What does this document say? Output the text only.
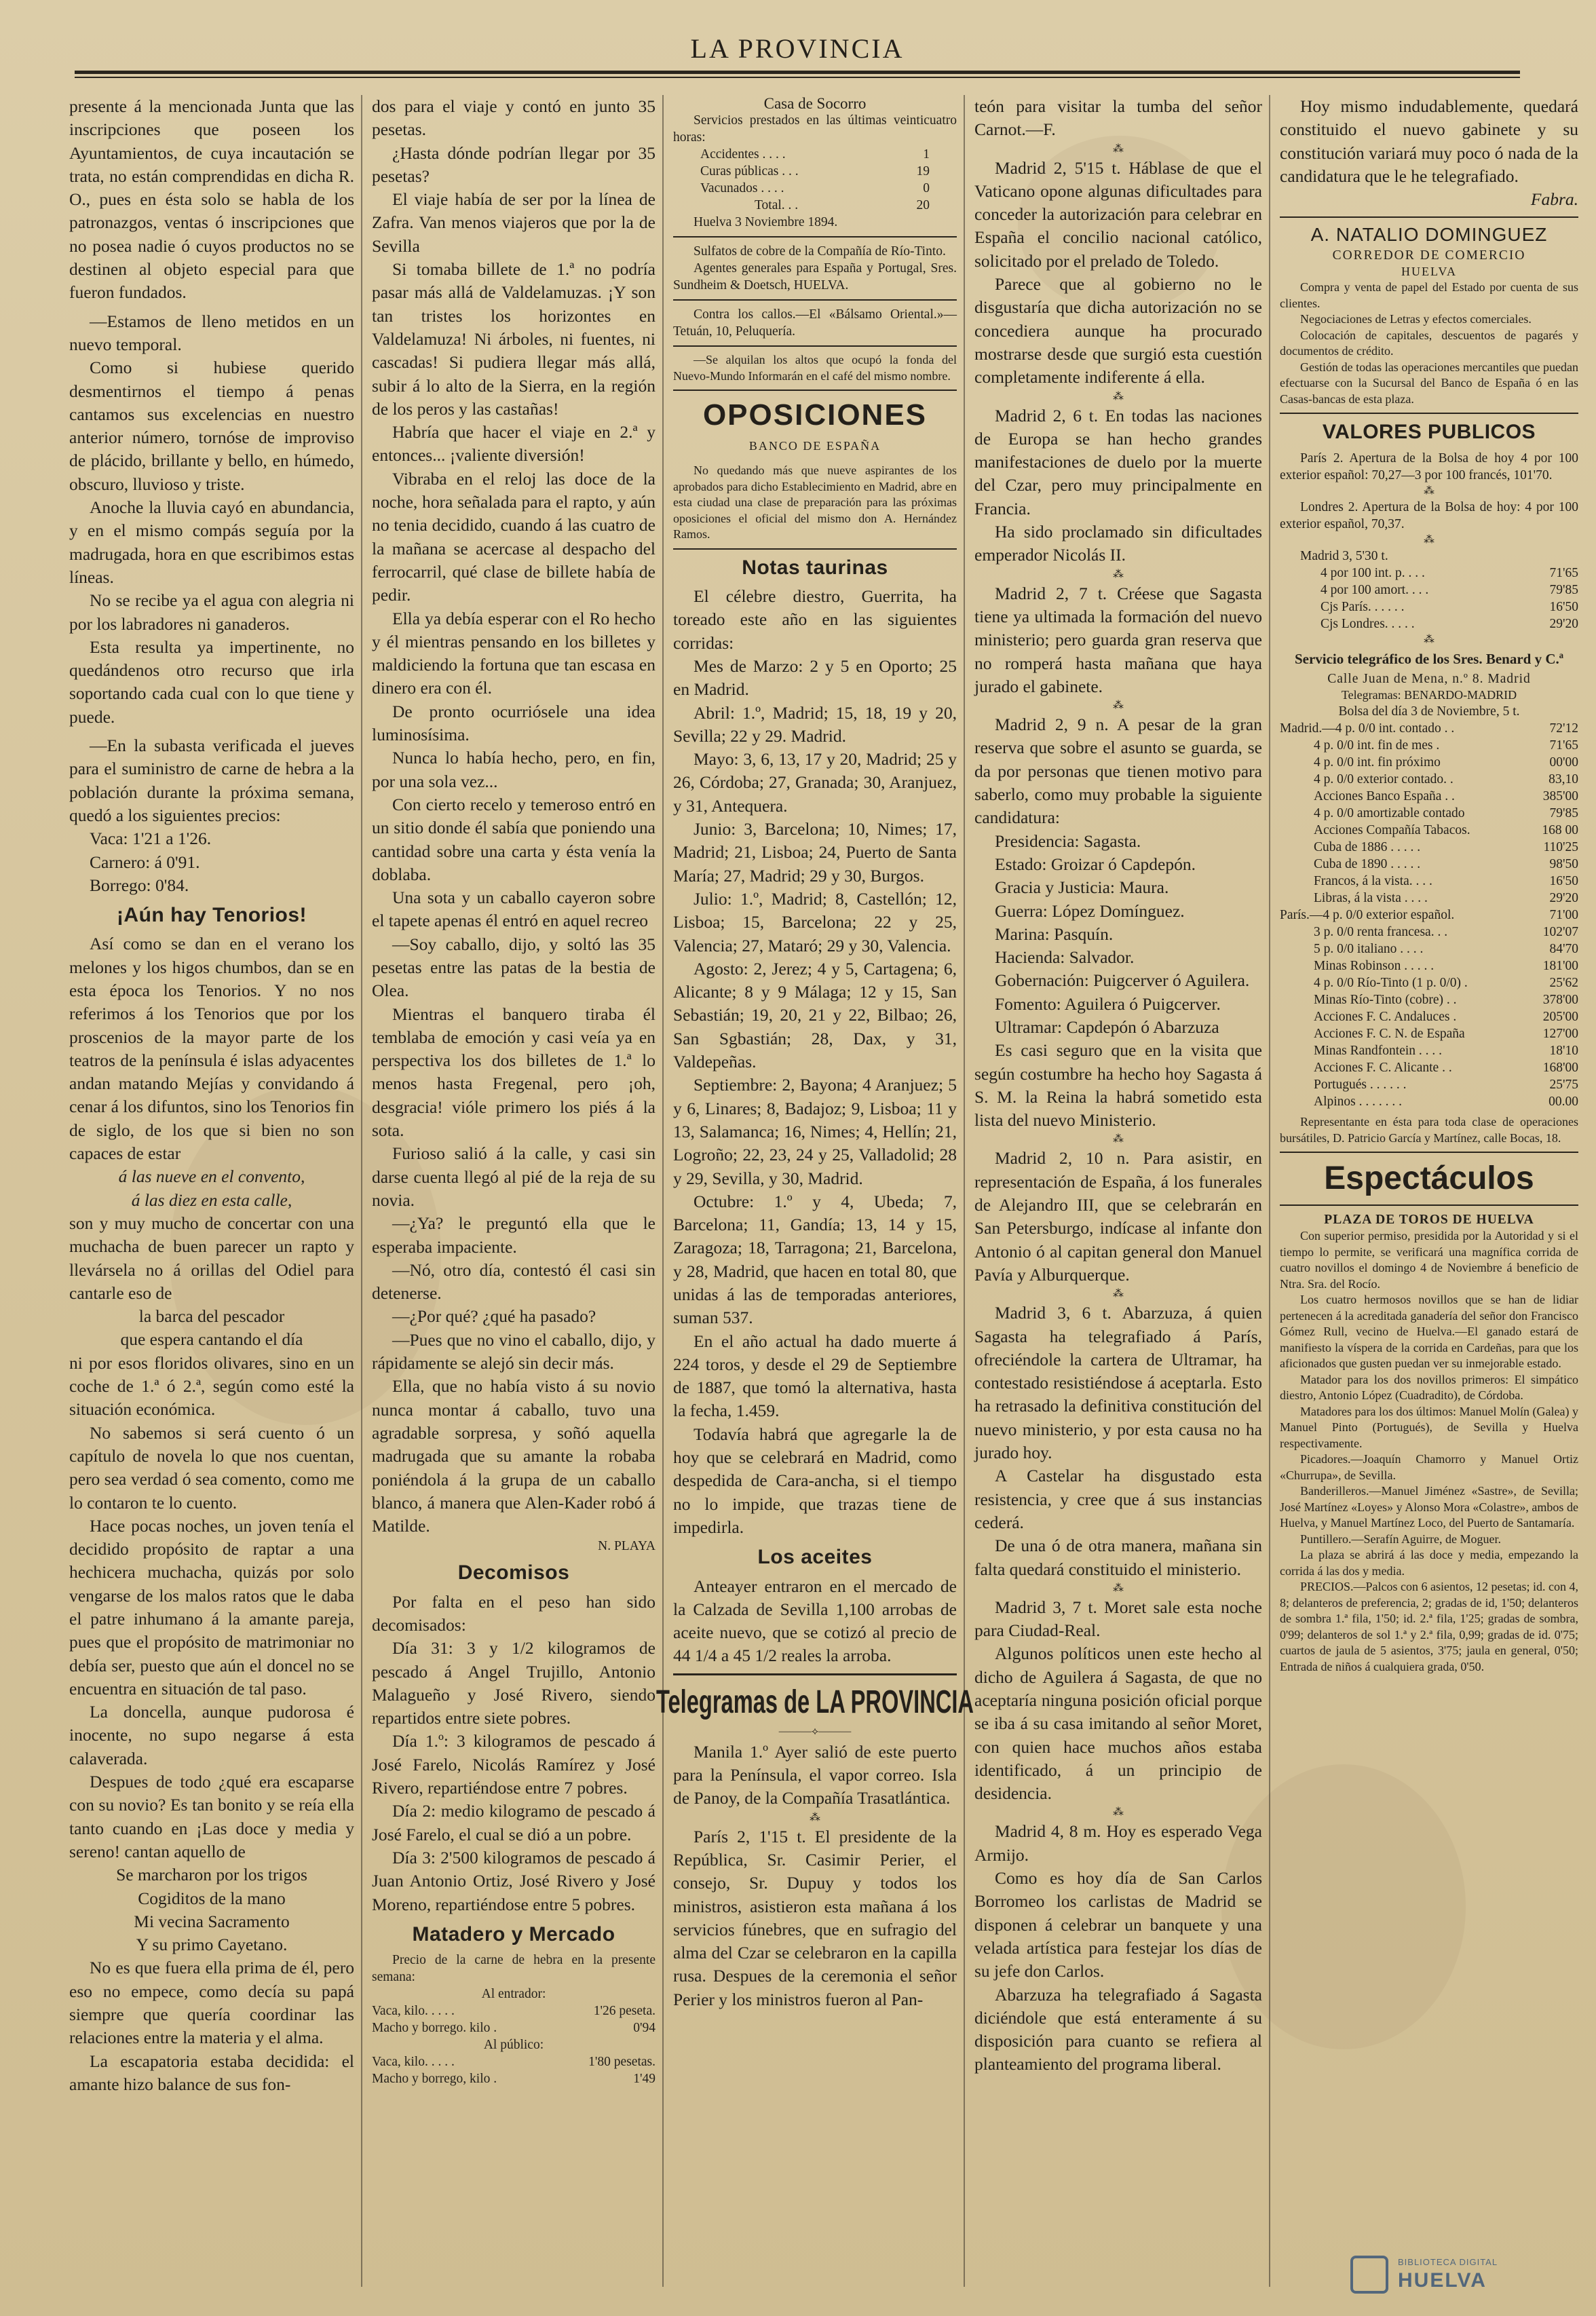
LA PROVINCIA

presente á la mencionada Junta que las inscripciones que poseen los Ayuntamientos, de cuya incautación se trata, no están comprendidas en dicha R. O., pues en ésta solo se habla de los patronazgos, ventas ó inscripciones que no posea nadie ó cuyos productos no se destinen al objeto especial para que fueron fundados.

—Estamos de lleno metidos en un nuevo temporal.

Como si hubiese querido desmentirnos el tiempo á penas cantamos sus excelencias en nuestro anterior número, tornóse de improviso de plácido, brillante y bello, en húmedo, obscuro, lluvioso y triste.

Anoche la lluvia cayó en abundancia, y en el mismo compás seguía por la madrugada, hora en que escribimos estas líneas.

No se recibe ya el agua con alegria ni por los labradores ni ganaderos.

Esta resulta ya impertinente, no quedándenos otro recurso que irla soportando cada cual con lo que tiene y puede.

—En la subasta verificada el jueves para el suministro de carne de hebra a la población durante la próxima semana, quedó a los siguientes precios:

Vaca: 1'21 a 1'26.

Carnero: á 0'91.

Borrego: 0'84.

¡Aún hay Tenorios!

Así como se dan en el verano los melones y los higos chumbos, dan se en esta época los Tenorios. Y no nos referimos á los Tenorios que por los proscenios de la mayor parte de los teatros de la península é islas adyacentes andan matando Mejías y convidando á cenar á los difuntos, sino los Tenorios fin de siglo, de los que si bien no son capaces de estar

á las nueve en el convento,

á las diez en esta calle,

son y muy mucho de concertar con una muchacha de buen parecer un rapto y llevársela no á orillas del Odiel para cantarle eso de

la barca del pescador

que espera cantando el día

ni por esos floridos olivares, sino en un coche de 1.ª ó 2.ª, según como esté la situación económica.

No sabemos si será cuento ó un capítulo de novela lo que nos cuentan, pero sea verdad ó sea comento, como me lo contaron te lo cuento.

Hace pocas noches, un joven tenía el decidido propósito de raptar a una hechicera muchacha, quizás por solo vengarse de los malos ratos que le daba el patre inhumano á la amante pareja, pues que el propósito de matrimoniar no debía ser, puesto que aún el doncel no se encuentra en situación de tal paso.

La doncella, aunque pudorosa é inocente, no supo negarse á esta calaverada.

Despues de todo ¿qué era escaparse con su novio? Es tan bonito y se reía ella tanto cuando en ¡Las doce y media y sereno! cantan aquello de

Se marcharon por los trigos

Cogiditos de la mano

Mi vecina Sacramento

Y su primo Cayetano.

No es que fuera ella prima de él, pero eso no empece, como decía su papá siempre que quería coordinar las relaciones entre la materia y el alma.

La escapatoria estaba decidida: el amante hizo balance de sus fon-

dos para el viaje y contó en junto 35 pesetas.

¿Hasta dónde podrían llegar por 35 pesetas?

El viaje había de ser por la línea de Zafra. Van menos viajeros que por la de Sevilla

Si tomaba billete de 1.ª no podría pasar más allá de Valdelamuzas. ¡Y son tan tristes los horizontes en Valdelamuza! Ni árboles, ni fuentes, ni cascadas! Si pudiera llegar más allá, subir á lo alto de la Sierra, en la región de los peros y las castañas!

Habría que hacer el viaje en 2.ª y entonces... ¡valiente diversión!

Vibraba en el reloj las doce de la noche, hora señalada para el rapto, y aún no tenia decidido, cuando á las cuatro de la mañana se acercase al despacho del ferrocarril, qué clase de billete había de pedir.

Ella ya debía esperar con el Ro hecho y él mientras pensando en los billetes y maldiciendo la fortuna que tan escasa en dinero era con él.

De pronto ocurriósele una idea luminosísima.

Nunca lo había hecho, pero, en fin, por una sola vez...

Con cierto recelo y temeroso entró en un sitio donde él sabía que poniendo una cantidad sobre una carta y ésta venía la doblaba.

Una sota y un caballo cayeron sobre el tapete apenas él entró en aquel recreo

—Soy caballo, dijo, y soltó las 35 pesetas entre las patas de la bestia de Olea.

Mientras el banquero tiraba él temblaba de emoción y casi veía ya en perspectiva los dos billetes de 1.ª lo menos hasta Fregenal, pero ¡oh, desgracia! vióle primero los piés á la sota.

Furioso salió á la calle, y casi sin darse cuenta llegó al pié de la reja de su novia.

—¿Ya? le preguntó ella que le esperaba impaciente.

—Nó, otro día, contestó él casi sin detenerse.

—¿Por qué? ¿qué ha pasado?

—Pues que no vino el caballo, dijo, y rápidamente se alejó sin decir más.

Ella, que no había visto á su novio nunca montar á caballo, tuvo una agradable sorpresa, y soñó aquella madrugada que su amante la robaba poniéndola á la grupa de un caballo blanco, á manera que Alen-Kader robó á Matilde.

N. PLAYA

Decomisos

Por falta en el peso han sido decomisados:

Día 31: 3 y 1/2 kilogramos de pescado á Angel Trujillo, Antonio Malagueño y José Rivero, siendo repartidos entre siete pobres.

Día 1.º: 3 kilogramos de pescado á José Farelo, Nicolás Ramírez y José Rivero, repartiéndose entre 7 pobres.

Día 2: medio kilogramo de pescado á José Farelo, el cual se dió a un pobre.

Día 3: 2'500 kilogramos de pescado á Juan Antonio Ortiz, José Rivero y José Moreno, repartiéndose entre 5 pobres.

Matadero y Mercado

Precio de la carne de hebra en la presente semana:

Al entrador:

Vaca, kilo. . . . .	1'26 peseta.
Macho y borrego. kilo .	0'94

Al público:

Vaca, kilo. . . . .	1'80 pesetas.
Macho y borrego, kilo .	1'49

Casa de Socorro

Servicios prestados en las últimas veinticuatro horas:

Accidentes . . . .	1
Curas públicas . . .	19
Vacunados . . . .	0
Total. . .	20

Huelva 3 Noviembre 1894.

Sulfatos de cobre de la Compañía de Río-Tinto.

Agentes generales para España y Portugal, Sres. Sundheim & Doetsch, HUELVA.

Contra los callos.—El «Bálsamo Oriental.»—Tetuán, 10, Peluquería.

—Se alquilan los altos que ocupó la fonda del Nuevo-Mundo Informarán en el café del mismo nombre.

OPOSICIONES
BANCO DE ESPAÑA

No quedando más que nueve aspirantes de los aprobados para dicho Establecimiento en Madrid, abre en esta ciudad una clase de preparación para las próximas oposiciones el oficial del mismo don A. Hernández Ramos.

Notas taurinas

El célebre diestro, Guerrita, ha toreado este año en las siguientes corridas:

Mes de Marzo: 2 y 5 en Oporto; 25 en Madrid.

Abril: 1.º, Madrid; 15, 18, 19 y 20, Sevilla; 22 y 29. Madrid.

Mayo: 3, 6, 13, 17 y 20, Madrid; 25 y 26, Córdoba; 27, Granada; 30, Aranjuez, y 31, Antequera.

Junio: 3, Barcelona; 10, Nimes; 17, Madrid; 21, Lisboa; 24, Puerto de Santa María; 27, Madrid; 29 y 30, Burgos.

Julio: 1.º, Madrid; 8, Castellón; 12, Lisboa; 15, Barcelona; 22 y 25, Valencia; 27, Mataró; 29 y 30, Valencia.

Agosto: 2, Jerez; 4 y 5, Cartagena; 6, Alicante; 8 y 9 Málaga; 12 y 15, San Sebastián; 19, 20, 21 y 22, Bilbao; 26, San Sgbastián; 28, Dax, y 31, Valdepeñas.

Septiembre: 2, Bayona; 4 Aranjuez; 5 y 6, Linares; 8, Badajoz; 9, Lisboa; 11 y 13, Salamanca; 16, Nimes; 4, Hellín; 21, Logroño; 22, 23, 24 y 25, Valladolid; 28 y 29, Sevilla, y 30, Madrid.

Octubre: 1.º y 4, Ubeda; 7, Barcelona; 11, Gandía; 13, 14 y 15, Zaragoza; 18, Tarragona; 21, Barcelona, y 28, Madrid, que hacen en total 80, que unidas á las de temporadas anteriores, suman 537.

En el año actual ha dado muerte á 224 toros, y desde el 29 de Septiembre de 1887, que tomó la alternativa, hasta la fecha, 1.459.

Todavía habrá que agregarle la de hoy que se celebrará en Madrid, como despedida de Cara-ancha, si el tiempo no lo impide, que trazas tiene de impedirla.

Los aceites

Anteayer entraron en el mercado de la Calzada de Sevilla 1,100 arrobas de aceite nuevo, que se cotizó al precio de 44 1/4 a 45 1/2 reales la arroba.

Telegramas de LA PROVINCIA
———⟡———

Manila 1.º Ayer salió de este puerto para la Península, el vapor correo. Isla de Panoy, de la Compañía Trasatlántica.

⁂

París 2, 1'15 t. El presidente de la República, Sr. Casimir Perier, el consejo, Sr. Dupuy y todos los ministros, asistieron esta mañana á los servicios fúnebres, que en sufragio del alma del Czar se celebraron en la capilla rusa. Despues de la ceremonia el señor Perier y los ministros fueron al Pan-

teón para visitar la tumba del señor Carnot.—F.

⁂

Madrid 2, 5'15 t. Háblase de que el Vaticano opone algunas dificultades para conceder la autorización para celebrar en España el concilio nacional católico, solicitado por el prelado de Toledo.

Parece que al gobierno no le disgustaría que dicha autorización no se concediera aunque ha procurado mostrarse desde que surgió esta cuestión completamente indiferente á ella.

⁂

Madrid 2, 6 t. En todas las naciones de Europa se han hecho grandes manifestaciones de duelo por la muerte del Czar, pero muy principalmente en Francia.

Ha sido proclamado sin dificultades emperador Nicolás II.

⁂

Madrid 2, 7 t. Créese que Sagasta tiene ya ultimada la formación del nuevo ministerio; pero guarda gran reserva que no romperá hasta mañana que haya jurado el gabinete.

⁂

Madrid 2, 9 n. A pesar de la gran reserva que sobre el asunto se guarda, se da por personas que tienen motivo para saberlo, como muy probable la siguiente candidatura:

Presidencia: Sagasta.

Estado: Groizar ó Capdepón.

Gracia y Justicia: Maura.

Guerra: López Domínguez.

Marina: Pasquín.

Hacienda: Salvador.

Gobernación: Puigcerver ó Aguilera.

Fomento: Aguilera ó Puigcerver.

Ultramar: Capdepón ó Abarzuza

Es casi seguro que en la visita que según costumbre ha hecho hoy Sagasta á S. M. la Reina la habrá sometido esta lista del nuevo Ministerio.

⁂

Madrid 2, 10 n. Para asistir, en representación de España, á los funerales de Alejandro III, que se celebrarán en San Petersburgo, indícase al infante don Antonio ó al capitan general don Manuel Pavía y Alburquerque.

⁂

Madrid 3, 6 t. Abarzuza, á quien Sagasta ha telegrafiado á París, ofreciéndole la cartera de Ultramar, ha contestado resistiéndose á aceptarla. Esto ha retrasado la definitiva constitución del nuevo ministerio, y por esta causa no ha jurado hoy.

A Castelar ha disgustado esta resistencia, y cree que á sus instancias cederá.

De una ó de otra manera, mañana sin falta quedará constituido el ministerio.

⁂

Madrid 3, 7 t. Moret sale esta noche para Ciudad-Real.

Algunos políticos unen este hecho al dicho de Aguilera á Sagasta, de que no aceptaría ninguna posición oficial porque se iba á su casa imitando al señor Moret, con quien hace muchos años estaba identificado, á un principio de desidencia.

⁂

Madrid 4, 8 m. Hoy es esperado Vega Armijo.

Como es hoy día de San Carlos Borromeo los carlistas de Madrid se disponen á celebrar un banquete y una velada artística para festejar los días de su jefe don Carlos.

Abarzuza ha telegrafiado á Sagasta diciéndole que está enteramente á su disposición para cuanto se refiera al planteamiento del programa liberal.

Hoy mismo indudablemente, quedará constituido el nuevo gabinete y su constitución variará muy poco ó nada de la candidatura que le he telegrafiado.

Fabra.

A. NATALIO DOMINGUEZ

CORREDOR DE COMERCIO

HUELVA

Compra y venta de papel del Estado por cuenta de sus clientes.

Negociaciones de Letras y efectos comerciales.

Colocación de capitales, descuentos de pagarés y documentos de crédito.

Gestión de todas las operaciones mercantiles que puedan efectuarse con la Sucursal del Banco de España ó en las Casas-bancas de esta plaza.

VALORES PUBLICOS

París 2. Apertura de la Bolsa de hoy 4 por 100 exterior español: 70,27—3 por 100 francés, 101'70.

⁂

Londres 2. Apertura de la Bolsa de hoy: 4 por 100 exterior español, 70,37.

⁂

Madrid 3, 5'30 t.

4 por 100 int. p. . . .	71'65
4 por 100 amort. . . .	79'85
Cjs París. . . . . .	16'50
Cjs Londres. . . . .	29'20
⁂

Servicio telegráfico de los Sres. Benard y C.ª

Calle Juan de Mena, n.º 8. Madrid

Telegramas: BENARDO-MADRID

Bolsa del día 3 de Noviembre, 5 t.

Madrid.—4 p. 0/0 int. contado . .	72'12
4 p. 0/0 int. fin de mes .	71'65
4 p. 0/0 int. fin próximo	00'00
4 p. 0/0 exterior contado. .	83,10
Acciones Banco España . .	385'00
4 p. 0/0 amortizable contado	79'85
Acciones Compañía Tabacos.	168 00
Cuba de 1886 . . . . .	110'25
Cuba de 1890 . . . . .	98'50
Francos, á la vista. . . .	16'50
Libras, á la vista . . . .	29'20
París.—4 p. 0/0 exterior español.	71'00
3 p. 0/0 renta francesa. . .	102'07
5 p. 0/0 italiano . . . .	84'70
Minas Robinson . . . . .	181'00
4 p. 0/0 Río-Tinto (1 p. 0/0) .	25'62
Minas Río-Tinto (cobre) . .	378'00
Acciones F. C. Andaluces .	205'00
Acciones F. C. N. de España	127'00
Minas Randfontein . . . .	18'10
Acciones F. C. Alicante . .	168'00
Portugués . . . . . .	25'75
Alpinos . . . . . . .	00.00

Representante en ésta para toda clase de operaciones bursátiles, D. Patricio García y Martínez, calle Bocas, 18.

Espectáculos

PLAZA DE TOROS DE HUELVA

Con superior permiso, presidida por la Autoridad y si el tiempo lo permite, se verificará una magnífica corrida de cuatro novillos el domingo 4 de Noviembre á beneficio de Ntra. Sra. del Rocío.

Los cuatro hermosos novillos que se han de lidiar pertenecen á la acreditada ganadería del señor don Francisco Gómez Rull, vecino de Huelva.—El ganado estará de manifiesto la víspera de la corrida en Cardeñas, para que los aficionados que gusten puedan ver su inmejorable estado.

Matador para los dos novillos primeros: El simpático diestro, Antonio López (Cuadradito), de Córdoba.

Matadores para los dos últimos: Manuel Molín (Galea) y Manuel Pinto (Portugués), de Sevilla y Huelva respectivamente.

Picadores.—Joaquín Chamorro y Manuel Ortiz «Churrupa», de Sevilla.

Banderilleros.—Manuel Jiménez «Sastre», de Sevilla; José Martínez «Loyes» y Alonso Mora «Colastre», ambos de Huelva, y Manuel Martínez Loco, del Puerto de Santamaría.

Puntillero.—Serafín Aguirre, de Moguer.

La plaza se abrirá á las doce y media, empezando la corrida á las dos y media.

PRECIOS.—Palcos con 6 asientos, 12 pesetas; id. con 4, 8; delanteros de preferencia, 2; gradas de id, 1'50; delanteros de sombra 1.ª fila, 1'50; id. 2.ª fila, 1'25; gradas de sombra, 0'99; delanteros de sol 1.ª y 2.ª fila, 0,99; gradas de id. 0'75; cuartos de jaula de 5 asientos, 3'75; jaula en general, 0'50; Entrada de niños á cualquiera grada, 0'50.

BIBLIOTECA DIGITAL
HUELVA
